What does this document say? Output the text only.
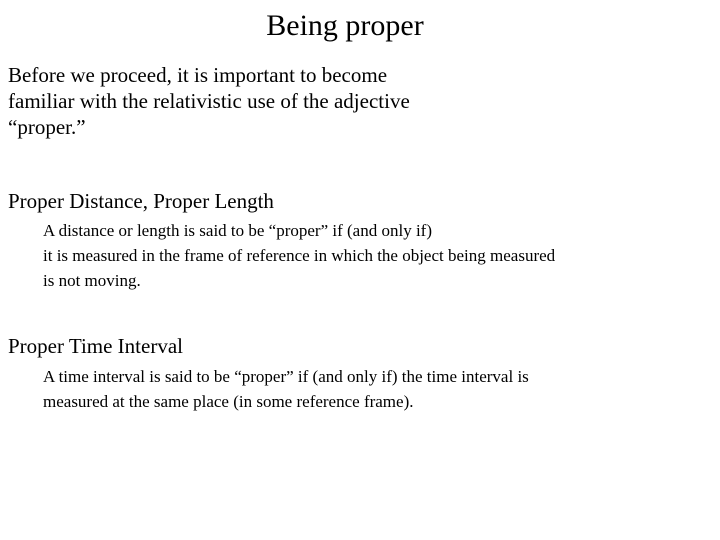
Being proper
Before we proceed, it is important to become
familiar with the relativistic use of the adjective
“proper.”
Proper Distance, Proper Length
A distance or length is said to be “proper” if (and only if)
it is measured in the frame of reference in which the object being measured
is not moving.
Proper Time Interval
A time interval is said to be “proper” if (and only if) the time interval is
measured at the same place (in some reference frame).
